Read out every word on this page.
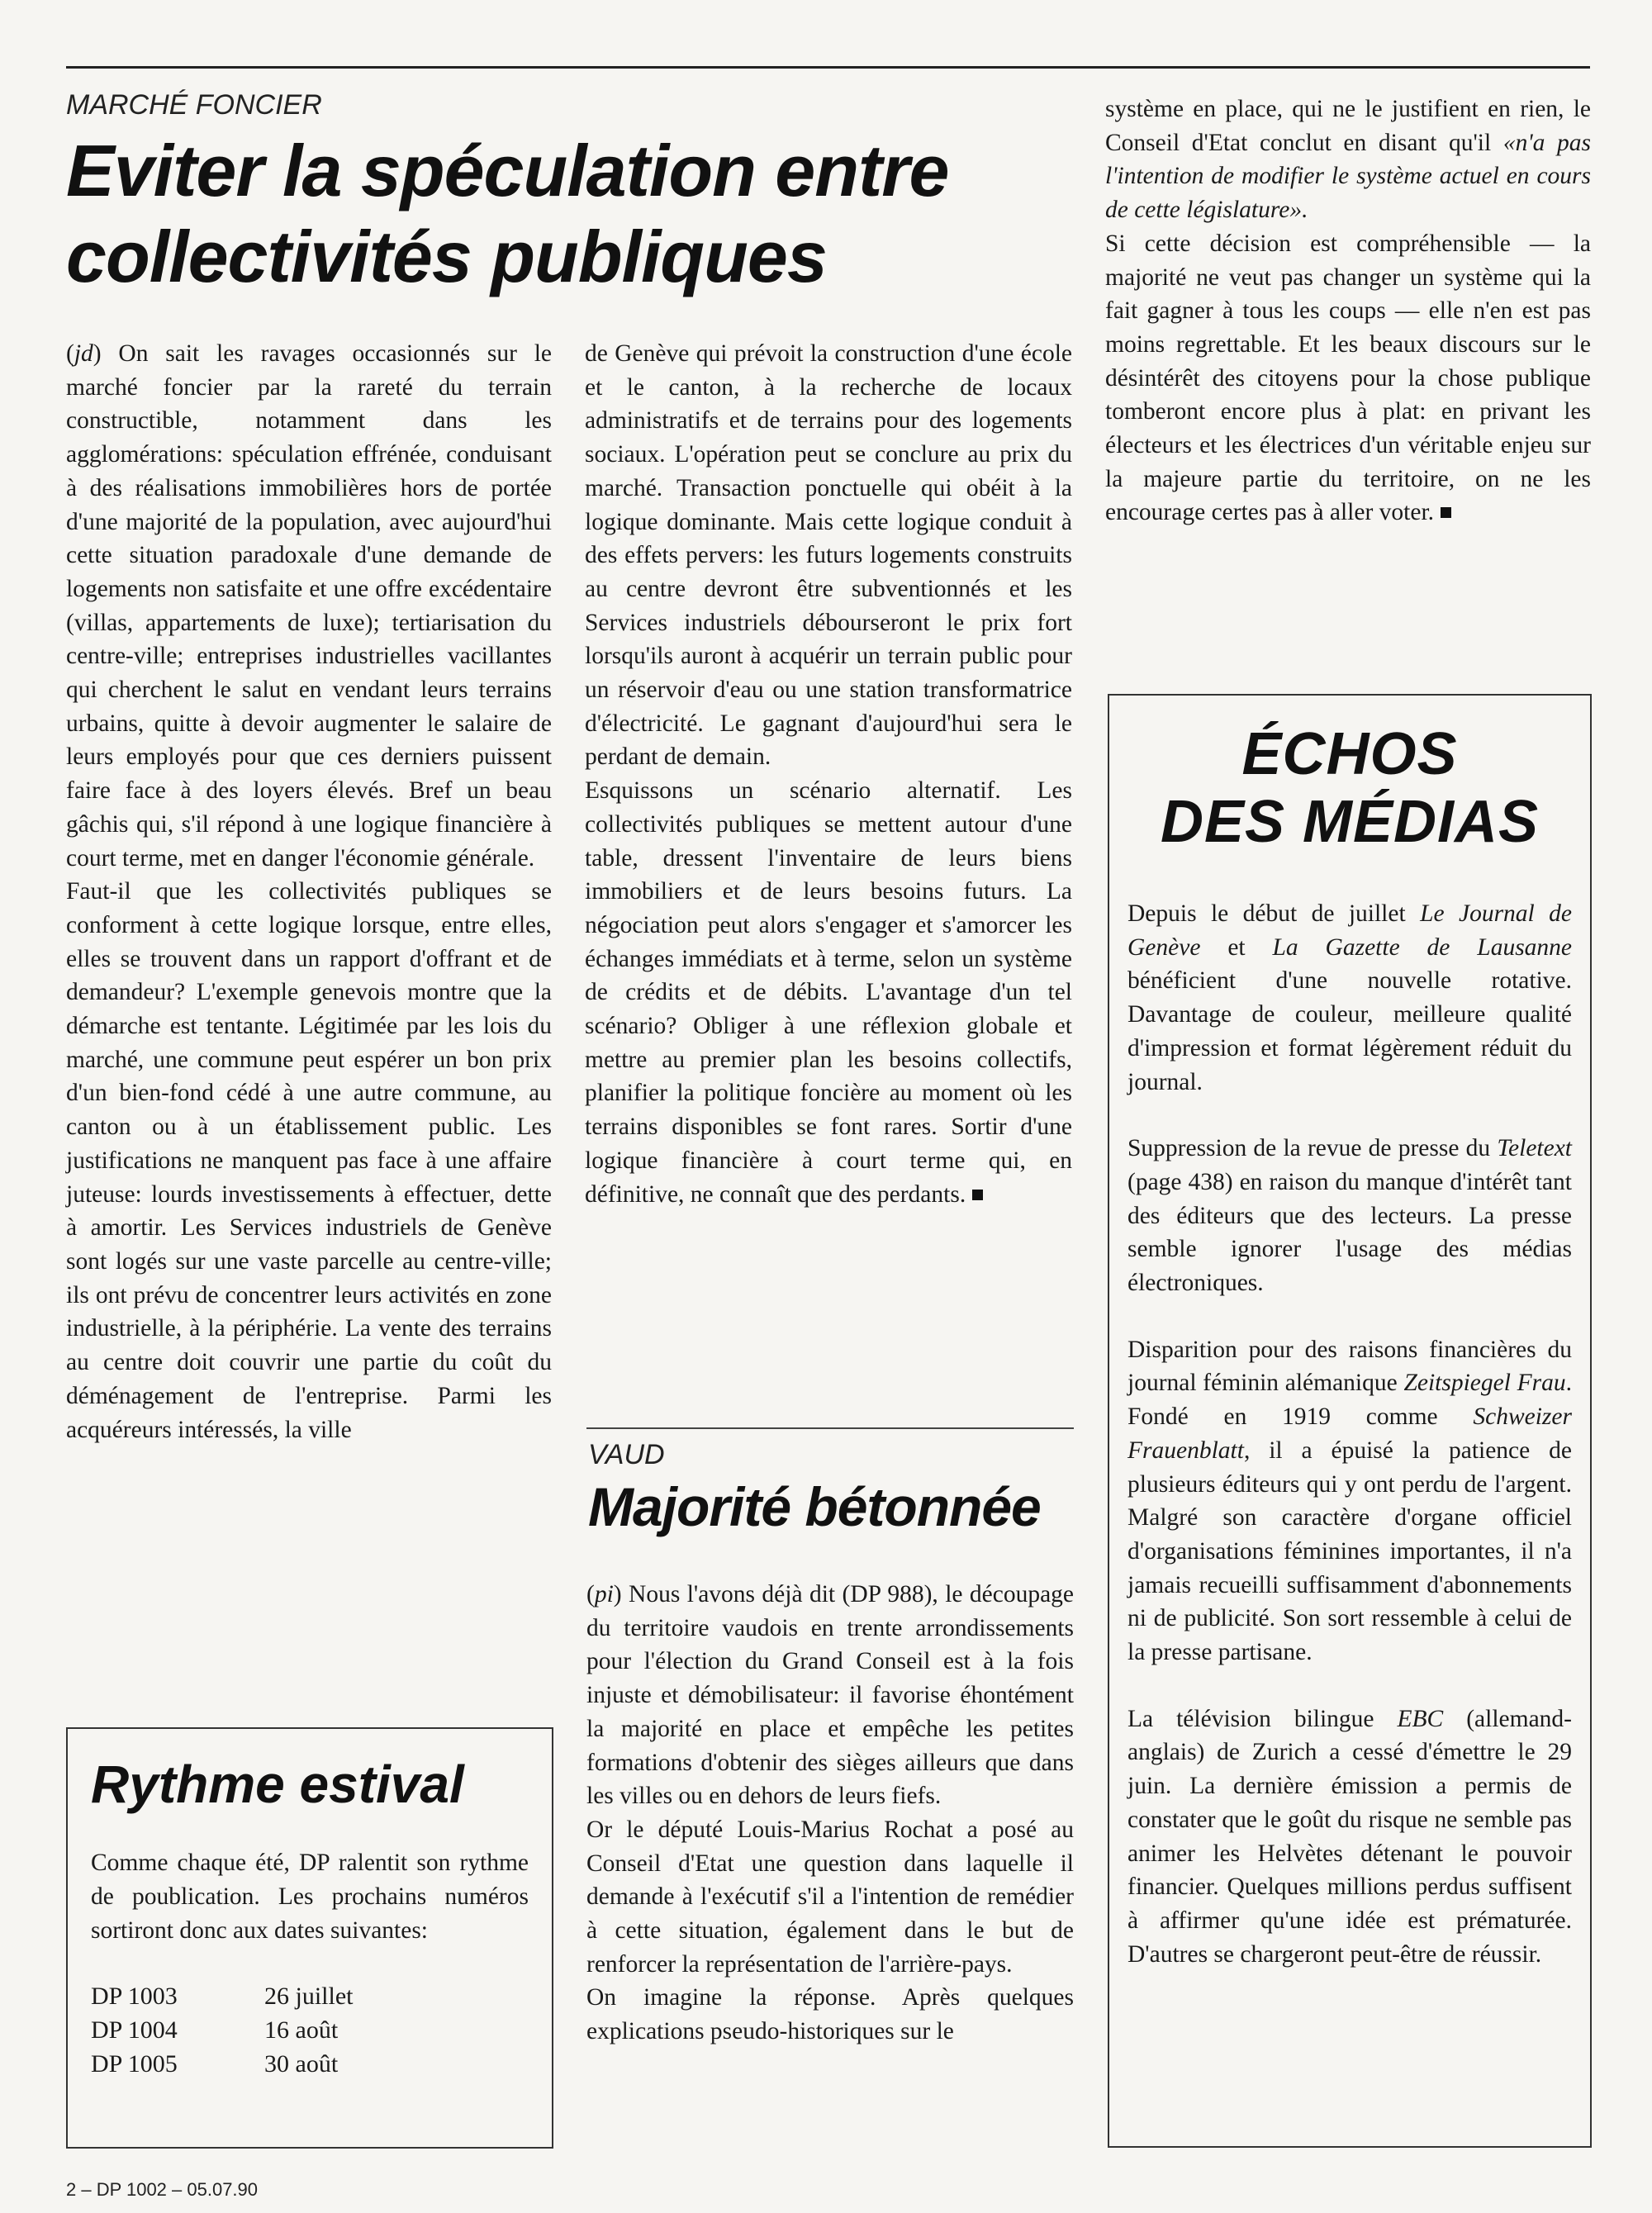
MARCHÉ FONCIER
Eviter la spéculation entre
collectivités publiques

(jd) On sait les ravages occasionnés sur le marché foncier par la rareté du terrain constructible, notamment dans les agglomérations: spéculation effrénée, conduisant à des réalisations immobilières hors de portée d'une majorité de la population, avec aujourd'hui cette situation paradoxale d'une demande de logements non satisfaite et une offre excédentaire (villas, appartements de luxe); tertiarisation du centre-ville; entreprises industrielles vacillantes qui cherchent le salut en vendant leurs terrains urbains, quitte à devoir augmenter le salaire de leurs employés pour que ces derniers puissent faire face à des loyers élevés. Bref un beau gâchis qui, s'il répond à une logique financière à court terme, met en danger l'économie générale.

Faut-il que les collectivités publiques se conforment à cette logique lorsque, entre elles, elles se trouvent dans un rapport d'offrant et de demandeur? L'exemple genevois montre que la démarche est tentante. Légitimée par les lois du marché, une commune peut espérer un bon prix d'un bien-fond cédé à une autre commune, au canton ou à un établissement public. Les justifications ne manquent pas face à une affaire juteuse: lourds investissements à effectuer, dette à amortir. Les Services industriels de Genève sont logés sur une vaste parcelle au centre-ville; ils ont prévu de concentrer leurs activités en zone industrielle, à la périphérie. La vente des terrains au centre doit couvrir une partie du coût du déménagement de l'entreprise. Parmi les acquéreurs intéressés, la ville

de Genève qui prévoit la construction d'une école et le canton, à la recherche de locaux administratifs et de terrains pour des logements sociaux. L'opération peut se conclure au prix du marché. Transaction ponctuelle qui obéit à la logique dominante. Mais cette logique conduit à des effets pervers: les futurs logements construits au centre devront être subventionnés et les Services industriels débourseront le prix fort lorsqu'ils auront à acquérir un terrain public pour un réservoir d'eau ou une station transformatrice d'électricité. Le gagnant d'aujourd'hui sera le perdant de demain.

Esquissons un scénario alternatif. Les collectivités publiques se mettent autour d'une table, dressent l'inventaire de leurs biens immobiliers et de leurs besoins futurs. La négociation peut alors s'engager et s'amorcer les échanges immédiats et à terme, selon un système de crédits et de débits. L'avantage d'un tel scénario? Obliger à une réflexion globale et mettre au premier plan les besoins collectifs, planifier la politique foncière au moment où les terrains disponibles se font rares. Sortir d'une logique financière à court terme qui, en définitive, ne connaît que des perdants.

Rythme estival

Comme chaque été, DP ralentit son rythme de poublication. Les prochains numéros sortiront donc aux dates suivantes:

DP 1003	26 juillet
DP 1004	16 août
DP 1005	30 août
VAUD
Majorité bétonnée

(pi) Nous l'avons déjà dit (DP 988), le découpage du territoire vaudois en trente arrondissements pour l'élection du Grand Conseil est à la fois injuste et démobilisateur: il favorise éhontément la majorité en place et empêche les petites formations d'obtenir des sièges ailleurs que dans les villes ou en dehors de leurs fiefs.

Or le député Louis-Marius Rochat a posé au Conseil d'Etat une question dans laquelle il demande à l'exécutif s'il a l'intention de remédier à cette situation, également dans le but de renforcer la représentation de l'arrière-pays.

On imagine la réponse. Après quelques explications pseudo-historiques sur le

système en place, qui ne le justifient en rien, le Conseil d'Etat conclut en disant qu'il «n'a pas l'intention de modifier le système actuel en cours de cette législature».

Si cette décision est compréhensible — la majorité ne veut pas changer un système qui la fait gagner à tous les coups — elle n'en est pas moins regrettable. Et les beaux discours sur le désintérêt des citoyens pour la chose publique tomberont encore plus à plat: en privant les électeurs et les électrices d'un véritable enjeu sur la majeure partie du territoire, on ne les encourage certes pas à aller voter.

ÉCHOS
DES MÉDIAS

Depuis le début de juillet Le Journal de Genève et La Gazette de Lausanne bénéficient d'une nouvelle rotative. Davantage de couleur, meilleure qualité d'impression et format légèrement réduit du journal.

Suppression de la revue de presse du Teletext (page 438) en raison du manque d'intérêt tant des éditeurs que des lecteurs. La presse semble ignorer l'usage des médias électroniques.

Disparition pour des raisons financières du journal féminin alémanique Zeitspiegel Frau. Fondé en 1919 comme Schweizer Frauenblatt, il a épuisé la patience de plusieurs éditeurs qui y ont perdu de l'argent. Malgré son caractère d'organe officiel d'organisations féminines importantes, il n'a jamais recueilli suffisamment d'abonnements ni de publicité. Son sort ressemble à celui de la presse partisane.

La télévision bilingue EBC (allemand-anglais) de Zurich a cessé d'émettre le 29 juin. La dernière émission a permis de constater que le goût du risque ne semble pas animer les Helvètes détenant le pouvoir financier. Quelques millions perdus suffisent à affirmer qu'une idée est prématurée. D'autres se chargeront peut-être de réussir.

2 – DP 1002 – 05.07.90
